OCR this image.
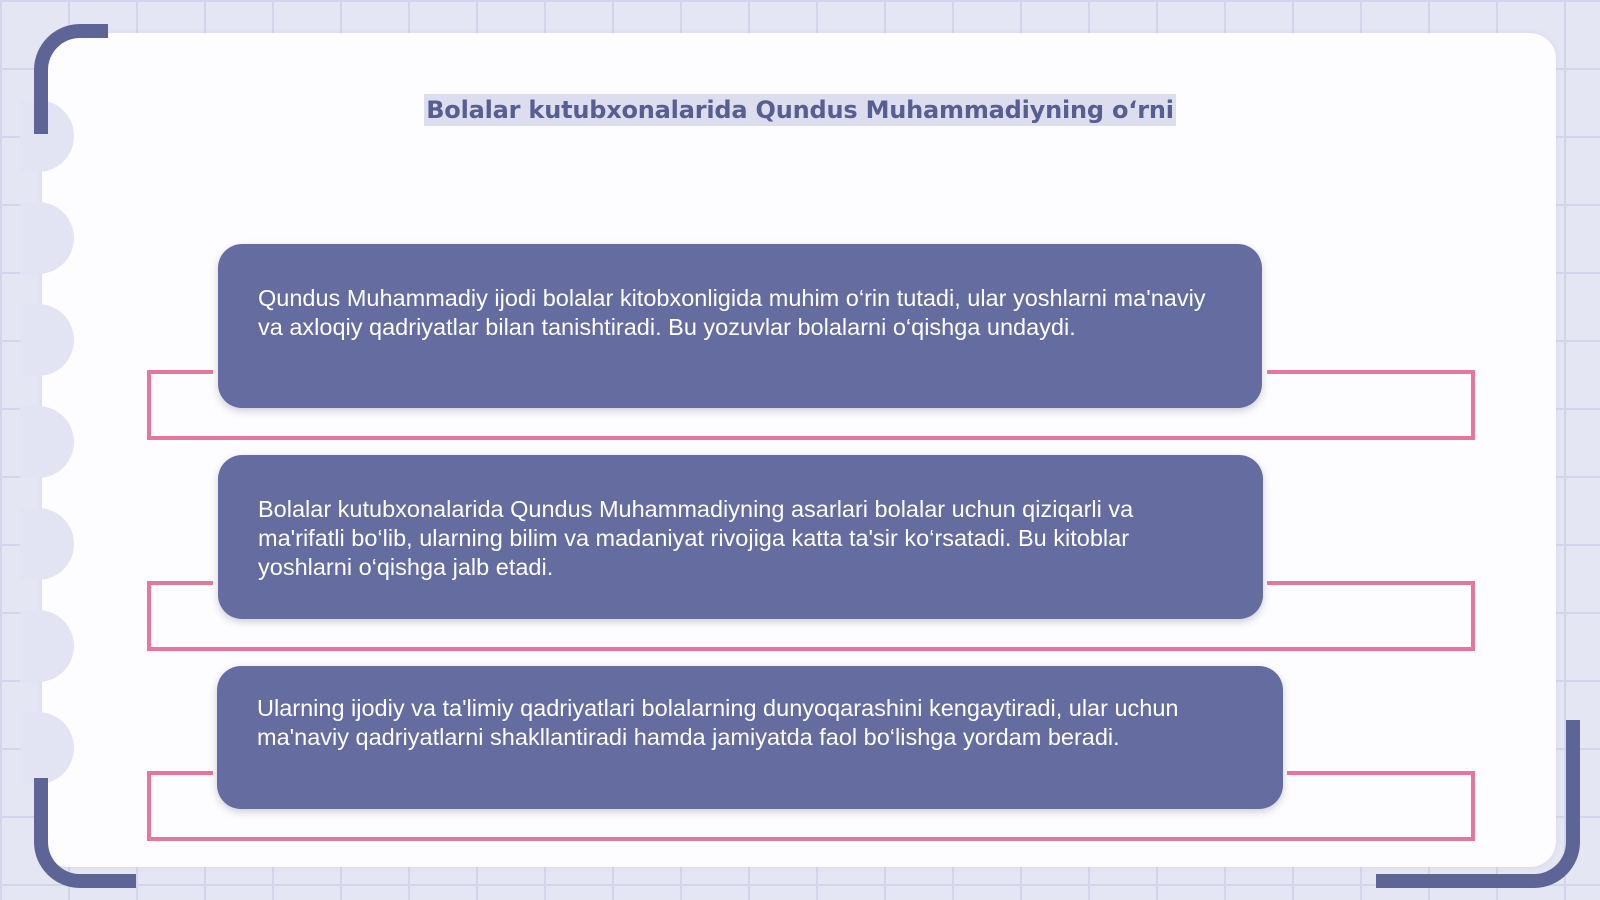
Bolalar kutubxonalarida Qundus Muhammadiyning o‘rni
Qundus Muhammadiy ijodi bolalar kitobxonligida muhim o‘rin tutadi, ular yoshlarni ma'naviy va axloqiy qadriyatlar bilan tanishtiradi. Bu yozuvlar bolalarni o‘qishga undaydi.
Bolalar kutubxonalarida Qundus Muhammadiyning asarlari bolalar uchun qiziqarli va ma'rifatli bo‘lib, ularning bilim va madaniyat rivojiga katta ta'sir ko‘rsatadi. Bu kitoblar yoshlarni o‘qishga jalb etadi.
Ularning ijodiy va ta'limiy qadriyatlari bolalarning dunyoqarashini kengaytiradi, ular uchun ma'naviy qadriyatlarni shakllantiradi hamda jamiyatda faol bo‘lishga yordam beradi.
